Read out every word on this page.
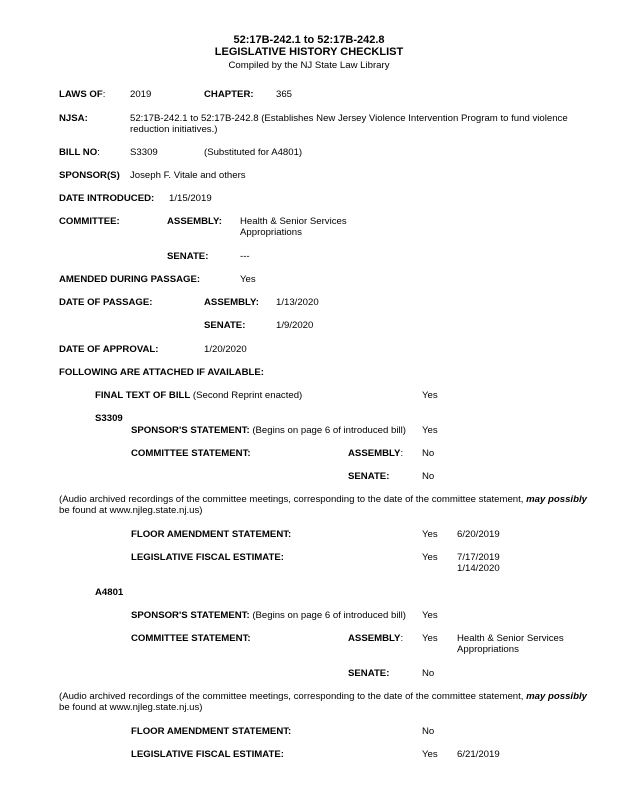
52:17B-242.1 to 52:17B-242.8
LEGISLATIVE HISTORY CHECKLIST
Compiled by the NJ State Law Library
LAWS OF:	2019	CHAPTER: 365
NJSA:	52:17B-242.1 to 52:17B-242.8 (Establishes New Jersey Violence Intervention Program to fund violence
reduction initiatives.)
BILL NO:	S3309	(Substituted for A4801)
SPONSOR(S) Joseph F. Vitale and others
DATE INTRODUCED: 1/15/2019
COMMITTEE:	ASSEMBLY: Health & Senior Services
Appropriations
SENATE:	---
AMENDED DURING PASSAGE:	Yes
DATE OF PASSAGE:	ASSEMBLY: 1/13/2020
SENATE:	1/9/2020
DATE OF APPROVAL:	1/20/2020
FOLLOWING ARE ATTACHED IF AVAILABLE:
FINAL TEXT OF BILL (Second Reprint enacted)	Yes
S3309
SPONSOR'S STATEMENT: (Begins on page 6 of introduced bill) Yes
COMMITTEE STATEMENT:	ASSEMBLY: No
SENATE:	No
(Audio archived recordings of the committee meetings, corresponding to the date of the committee statement, may possibly
be found at www.njleg.state.nj.us)
FLOOR AMENDMENT STATEMENT:	Yes 6/20/2019
LEGISLATIVE FISCAL ESTIMATE:	Yes 7/17/2019
1/14/2020
A4801
SPONSOR'S STATEMENT: (Begins on page 6 of introduced bill) Yes
COMMITTEE STATEMENT:	ASSEMBLY: Yes Health & Senior Services
Appropriations
SENATE:	No
(Audio archived recordings of the committee meetings, corresponding to the date of the committee statement, may possibly
be found at www.njleg.state.nj.us)
FLOOR AMENDMENT STATEMENT:	No
LEGISLATIVE FISCAL ESTIMATE:	Yes 6/21/2019
